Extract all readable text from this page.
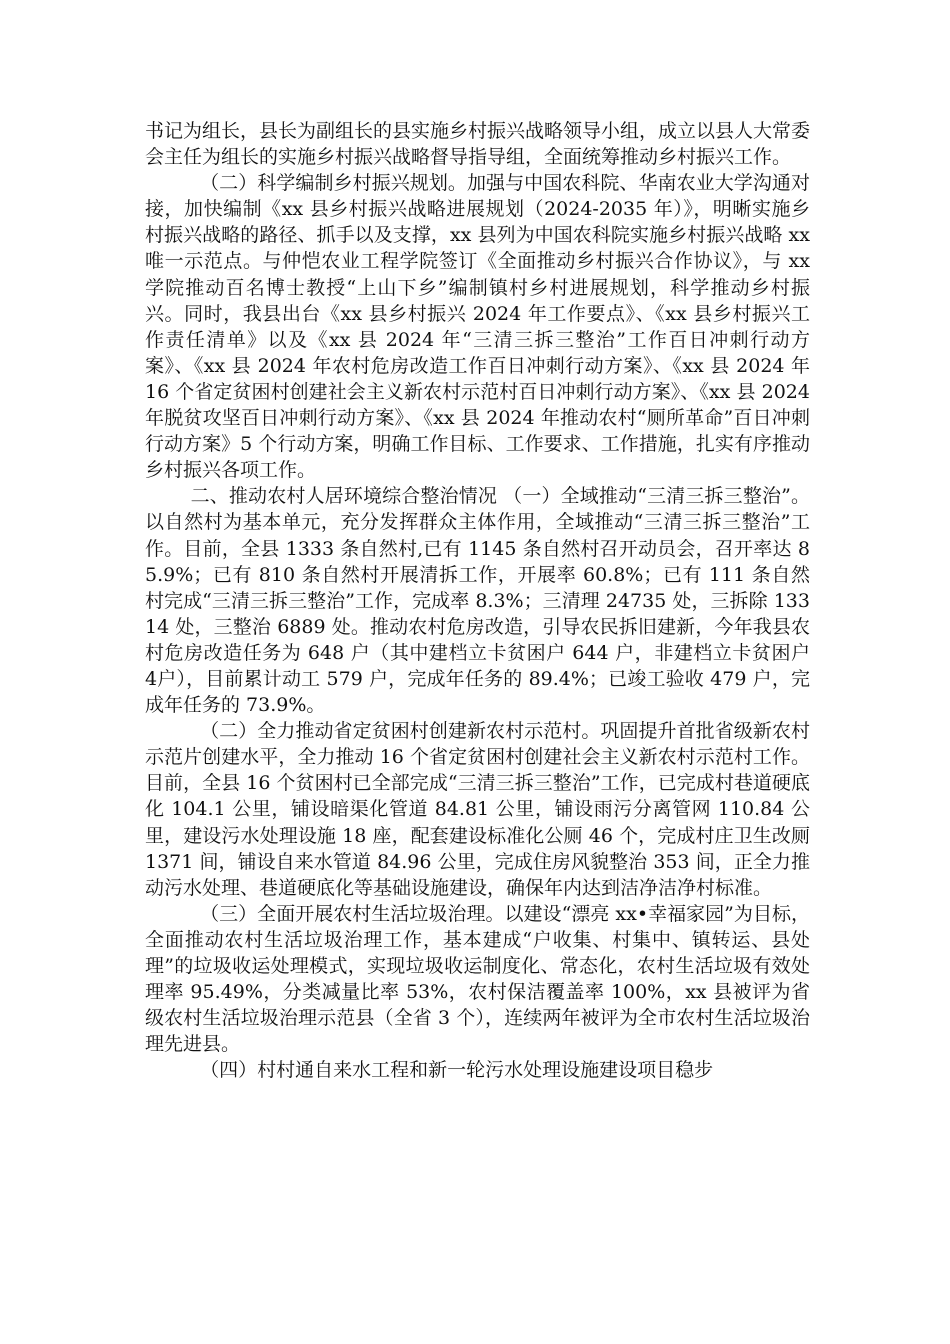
书记为组长，县长为副组长的县实施乡村振兴战略领导小组，成立以县人大常委会主任为组长的实施乡村振兴战略督导指导组，全面统筹推动乡村振兴工作。

（二）科学编制乡村振兴规划。加强与中国农科院、华南农业大学沟通对接，加快编制《xx 县乡村振兴战略进展规划（2024-2035 年）》，明晰实施乡村振兴战略的路径、抓手以及支撑，xx 县列为中国农科院实施乡村振兴战略 xx 唯一示范点。与仲恺农业工程学院签订《全面推动乡村振兴合作协议》，与 xx 学院推动百名博士教授“上山下乡”编制镇村乡村进展规划，科学推动乡村振兴。同时，我县出台《xx 县乡村振兴 2024 年工作要点》、《xx 县乡村振兴工作责任清单》以及《xx 县 2024 年“三清三拆三整治”工作百日冲刺行动方案》、《xx 县 2024 年农村危房改造工作百日冲刺行动方案》、《xx 县 2024 年 16 个省定贫困村创建社会主义新农村示范村百日冲刺行动方案》、《xx 县 2024 年脱贫攻坚百日冲刺行动方案》、《xx 县 2024 年推动农村“厕所革命”百日冲刺行动方案》5 个行动方案，明确工作目标、工作要求、工作措施，扎实有序推动乡村振兴各项工作。

二、推动农村人居环境综合整治情况 （一）全域推动“三清三拆三整治”。以自然村为基本单元，充分发挥群众主体作用，全域推动“三清三拆三整治”工作。目前，全县 1333 条自然村,已有 1145 条自然村召开动员会，召开率达 85.9%；已有 810 条自然村开展清拆工作，开展率 60.8%；已有 111 条自然村完成“三清三拆三整治”工作，完成率 8.3%；三清理 24735 处，三拆除 13314 处，三整治 6889 处。推动农村危房改造，引导农民拆旧建新，今年我县农村危房改造任务为 648 户（其中建档立卡贫困户 644 户，非建档立卡贫困户 4户），目前累计动工 579 户，完成年任务的 89.4%；已竣工验收 479 户，完成年任务的 73.9%。

（二）全力推动省定贫困村创建新农村示范村。巩固提升首批省级新农村示范片创建水平，全力推动 16 个省定贫困村创建社会主义新农村示范村工作。目前，全县 16 个贫困村已全部完成“三清三拆三整治”工作，已完成村巷道硬底化 104.1 公里，铺设暗渠化管道 84.81 公里，铺设雨污分离管网 110.84 公里，建设污水处理设施 18 座，配套建设标准化公厕 46 个，完成村庄卫生改厕 1371 间，铺设自来水管道 84.96 公里，完成住房风貌整治 353 间，正全力推动污水处理、巷道硬底化等基础设施建设，确保年内达到洁净洁净村标准。

（三）全面开展农村生活垃圾治理。以建设“漂亮 xx•幸福家园”为目标，全面推动农村生活垃圾治理工作，基本建成“户收集、村集中、镇转运、县处理”的垃圾收运处理模式，实现垃圾收运制度化、常态化，农村生活垃圾有效处理率 95.49%，分类减量比率 53%，农村保洁覆盖率 100%，xx 县被评为省级农村生活垃圾治理示范县（全省 3 个），连续两年被评为全市农村生活垃圾治理先进县。

（四）村村通自来水工程和新一轮污水处理设施建设项目稳步
